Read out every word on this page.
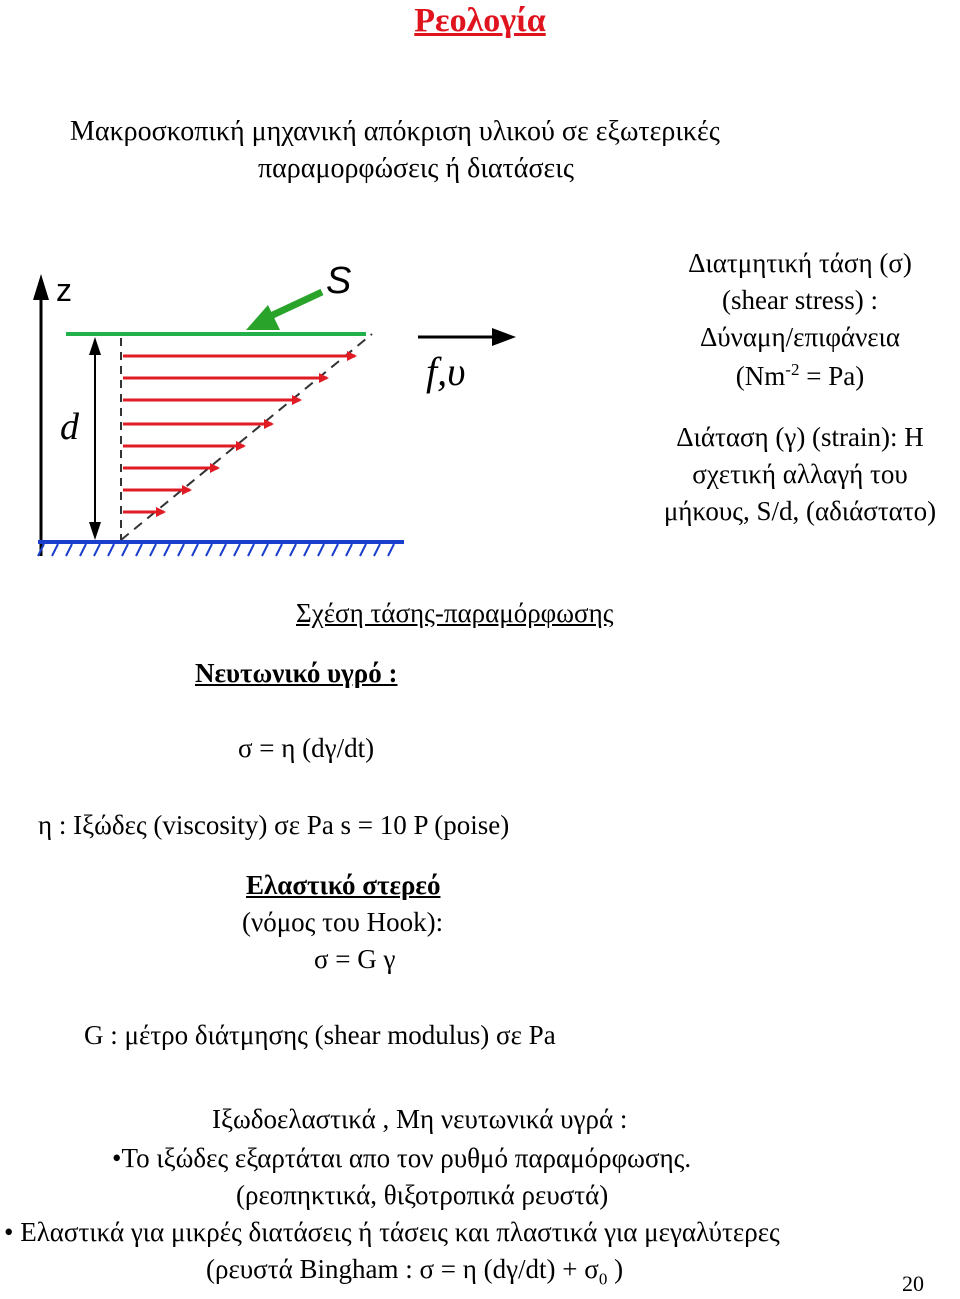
Ρεολογία
Μακροσκοπική μηχανική απόκριση υλικού σε εξωτερικές
παραμορφώσεις ή διατάσεις
z	S
d
f,υ
Διατμητική τάση (σ)
(shear stress) :
Δύναμη/επιφάνεια
$(Nm^{-2} = Pa)$
Διάταση (γ) (strain): Η
σχετική αλλαγή του
μήκους, S/d, (αδιάστατο)
Σχέση τάσης-παραμόρφωσης
Νευτωνικό υγρό :
σ = η (dγ/dt)
η : Ιξώδες (viscosity) σε Pa s = 10 P (poise)
Ελαστικό στερεό
(νόμος του Hook):
σ = G γ
G : μέτρο διάτμησης (shear modulus) σε Pa
Ιξωδοελαστικά , Μη νευτωνικά υγρά :
•Το ιξώδες εξαρτάται απο τον ρυθμό παραμόρφωσης.
(ρεοπηκτικά, θιξοτροπικά ρευστά)
• Ελαστικά για μικρές διατάσεις ή τάσεις και πλαστικά για μεγαλύτερες
(ρευστά Bingham : σ = η $(d\gamma/dt) + \sigma_0$ )	20
